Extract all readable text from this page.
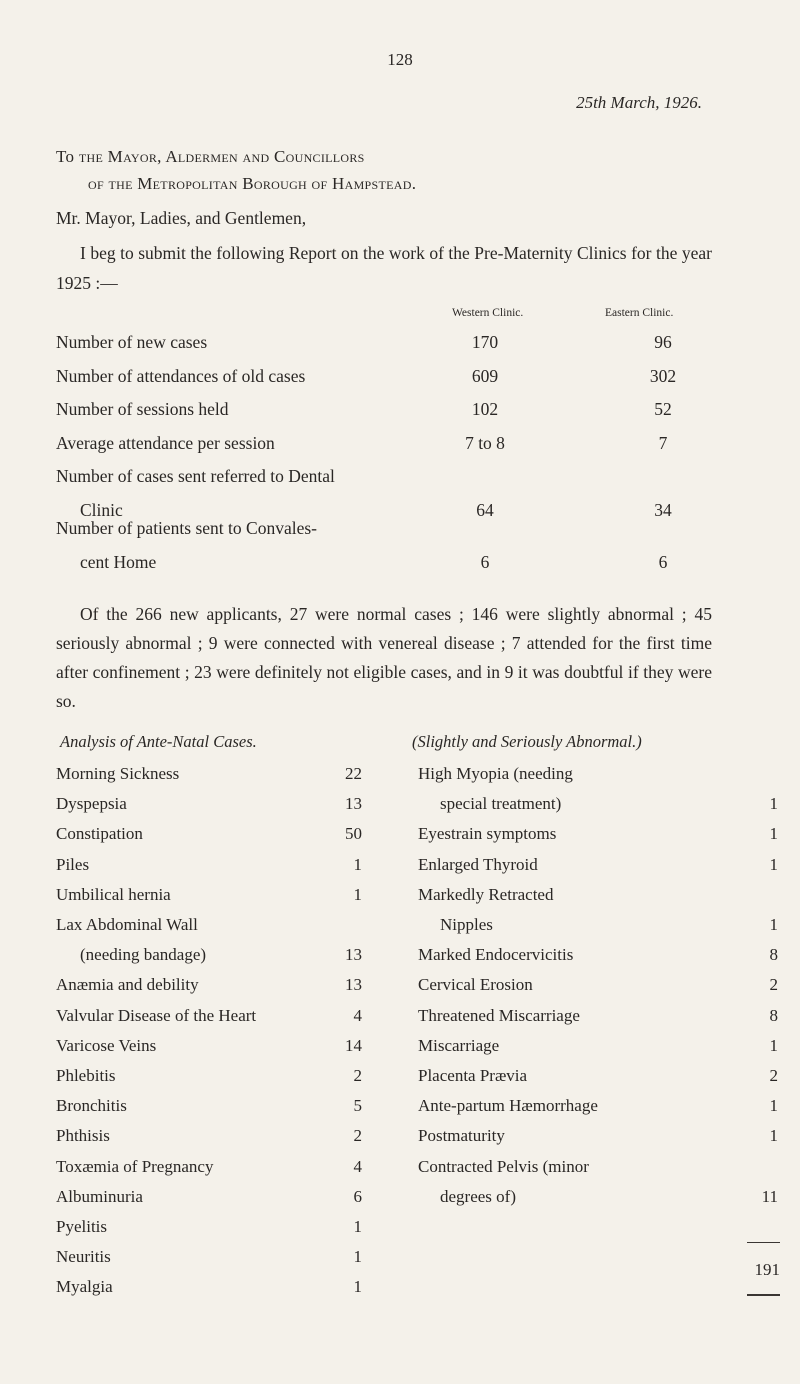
128
25th March, 1926.
To the Mayor, Aldermen and Councillors
of the Metropolitan Borough of Hampstead.
Mr. Mayor, Ladies, and Gentlemen,
I beg to submit the following Report on the work of the Pre-Maternity Clinics for the year 1925 :—
Western Clinic.	Eastern Clinic.
Number of new cases	170	96
Number of attendances of old cases	609	302
Number of sessions held	102	52
Average attendance per session	7 to 8	7
Number of cases sent referred to Dental
Clinic	64	34
Number of patients sent to Convales-
cent Home	6	6
Of the 266 new applicants, 27 were normal cases ; 146 were slightly abnormal ; 45 seriously abnormal ; 9 were connected with venereal disease ; 7 attended for the first time after confinement ; 23 were definitely not eligible cases, and in 9 it was doubtful if they were so.
Analysis of Ante-Natal Cases.	(Slightly and Seriously Abnormal.)
Morning Sickness	22
Dyspepsia	13
Constipation	50
Piles	1
Umbilical hernia	1
Lax Abdominal Wall
(needing bandage)	13
Anæmia and debility	13
Valvular Disease of the Heart	4
Varicose Veins	14
Phlebitis	2
Bronchitis	5
Phthisis	2
Toxæmia of Pregnancy	4
Albuminuria	6
Pyelitis	1
Neuritis	1
Myalgia	1
High Myopia (needing
special treatment)	1
Eyestrain symptoms	1
Enlarged Thyroid	1
Markedly Retracted
Nipples	1
Marked Endocervicitis	8
Cervical Erosion	2
Threatened Miscarriage	8
Miscarriage	1
Placenta Prævia	2
Ante-partum Hæmorrhage	1
Postmaturity	1
Contracted Pelvis (minor
degrees of)	11
191
